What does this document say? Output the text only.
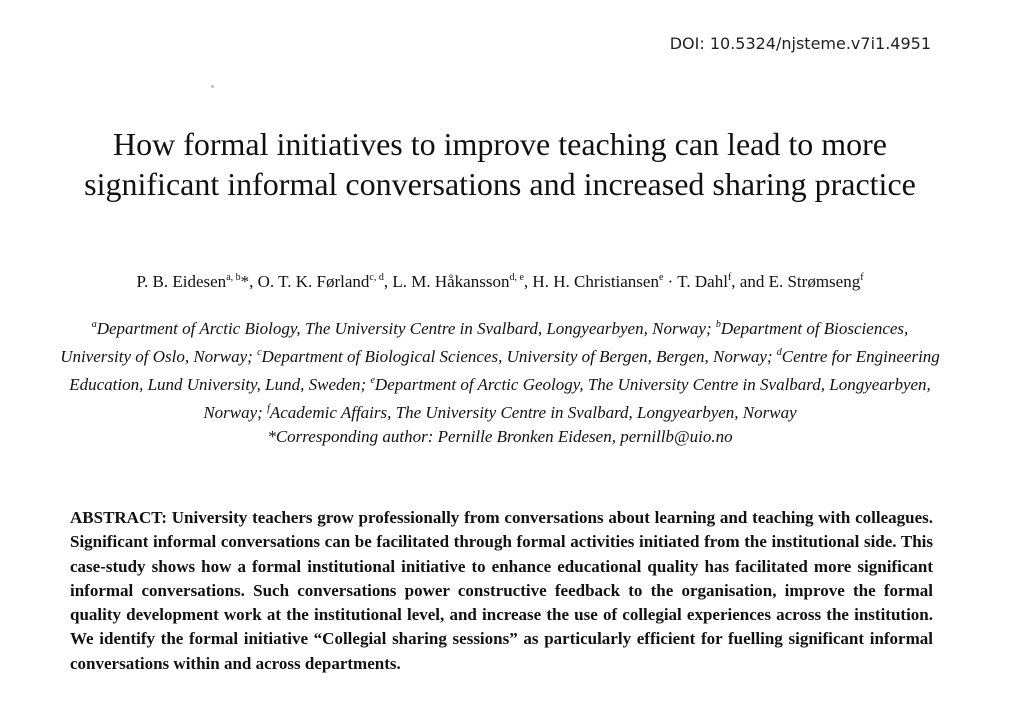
DOI: 10.5324/njsteme.v7i1.4951
How formal initiatives to improve teaching can lead to more significant informal conversations and increased sharing practice
P. B. Eidesen$^{a, b}$*, O. T. K. Førland$^{c, d}$, L. M. Håkansson$^{d, e}$, H. H. Christiansen$^e$ · T. Dahl$^f$, and E. Strømseng$^f$
$^a$Department of Arctic Biology, The University Centre in Svalbard, Longyearbyen, Norway; $^b$Department of Biosciences, University of Oslo, Norway; $^c$Department of Biological Sciences, University of Bergen, Bergen, Norway; $^d$Centre for Engineering Education, Lund University, Lund, Sweden; $^e$Department of Arctic Geology, The University Centre in Svalbard, Longyearbyen, Norway; $^f$Academic Affairs, The University Centre in Svalbard, Longyearbyen, Norway
*Corresponding author: Pernille Bronken Eidesen, pernillb@uio.no
ABSTRACT: University teachers grow professionally from conversations about learning and teaching with colleagues. Significant informal conversations can be facilitated through formal activities initiated from the institutional side. This case-study shows how a formal institutional initiative to enhance educational quality has facilitated more significant informal conversations. Such conversations power constructive feedback to the organisation, improve the formal quality development work at the institutional level, and increase the use of collegial experiences across the institution. We identify the formal initiative “Collegial sharing sessions” as particularly efficient for fuelling significant informal conversations within and across departments.
